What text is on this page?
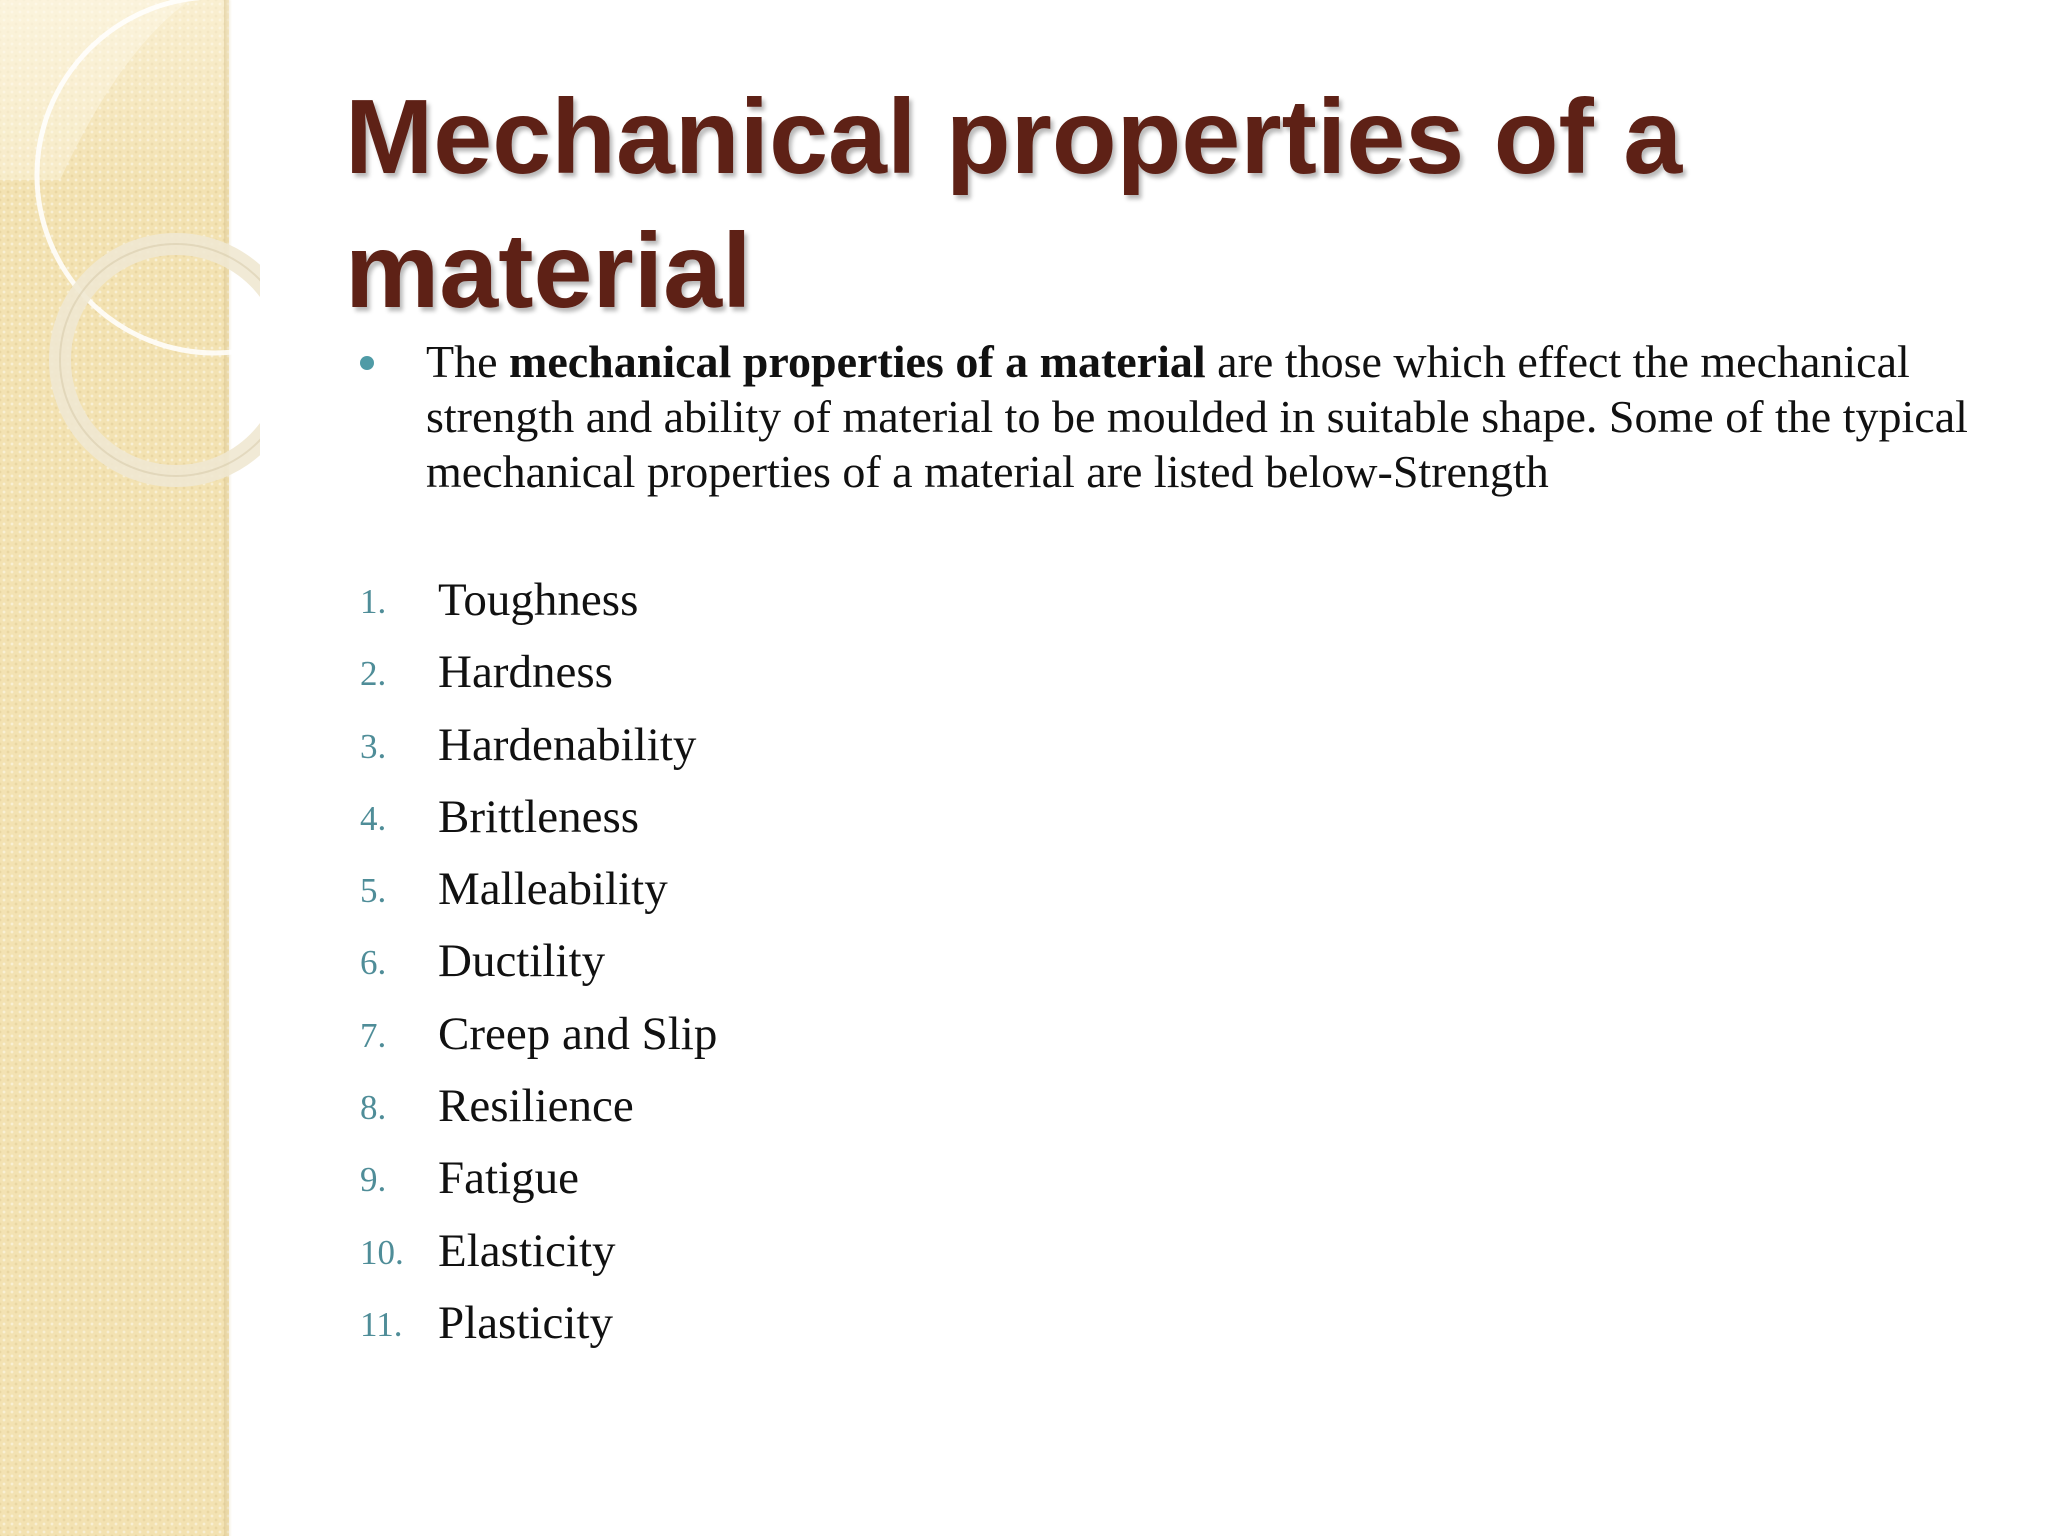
Mechanical properties of a material
The mechanical properties of a material are those which effect the mechanical strength and ability of material to be moulded in suitable shape. Some of the typical mechanical properties of a material are listed below-Strength
1. Toughness
2. Hardness
3. Hardenability
4. Brittleness
5. Malleability
6. Ductility
7. Creep and Slip
8. Resilience
9. Fatigue
10. Elasticity
11. Plasticity
